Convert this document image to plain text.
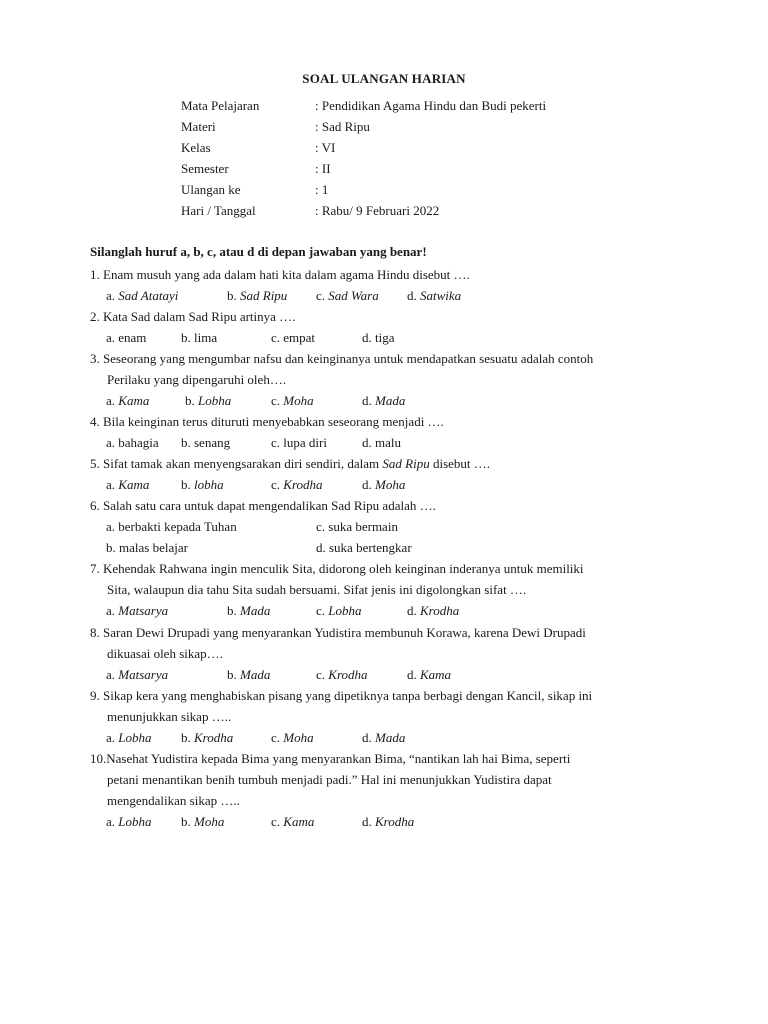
SOAL ULANGAN HARIAN
Mata Pelajaran	: Pendidikan Agama Hindu dan Budi pekerti
Materi	: Sad Ripu
Kelas	: VI
Semester	: II
Ulangan ke	: 1
Hari / Tanggal	: Rabu/ 9 Februari 2022
Silanglah huruf a, b, c, atau d di depan jawaban yang benar!
1. Enam musuh yang ada dalam hati kita dalam agama Hindu disebut ….
a. Sad Atatayi	b. Sad Ripu c. Sad Wara d. Satwika
2. Kata Sad dalam Sad Ripu artinya ….
a. enam	b. lima	c. empat	d. tiga
3. Seseorang yang mengumbar nafsu dan keinginanya untuk mendapatkan sesuatu adalah contoh
Perilaku yang dipengaruhi oleh….
a. Kama	b. Lobha	c. Moha	d. Mada
4. Bila keinginan terus dituruti menyebabkan seseorang menjadi ….
a. bahagia b. senang	c. lupa diri	d. malu
5. Sifat tamak akan menyengsarakan diri sendiri, dalam Sad Ripu disebut ….
a. Kama b. lobha	c. Krodha	d. Moha
6. Salah satu cara untuk dapat mengendalikan Sad Ripu adalah ….
a. berbakti kepada Tuhan	c. suka bermain
b. malas belajar	d. suka bertengkar
7. Kehendak Rahwana ingin menculik Sita, didorong oleh keinginan inderanya untuk memiliki
Sita, walaupun dia tahu Sita sudah bersuami. Sifat jenis ini digolongkan sifat ….
a. Matsarya	b. Mada	c. Lobha	d. Krodha
8. Saran Dewi Drupadi yang menyarankan Yudistira membunuh Korawa, karena Dewi Drupadi
dikuasai oleh sikap….
a. Matsarya	b. Mada	c. Krodha	d. Kama
9. Sikap kera yang menghabiskan pisang yang dipetiknya tanpa berbagi dengan Kancil, sikap ini
menunjukkan sikap …..
a. Lobha b. Krodha	c. Moha	d. Mada
10.Nasehat Yudistira kepada Bima yang menyarankan Bima, “nantikan lah hai Bima, seperti
petani menantikan benih tumbuh menjadi padi.” Hal ini menunjukkan Yudistira dapat
mengendalikan sikap …..
a. Lobha b. Moha	c. Kama	d. Krodha
